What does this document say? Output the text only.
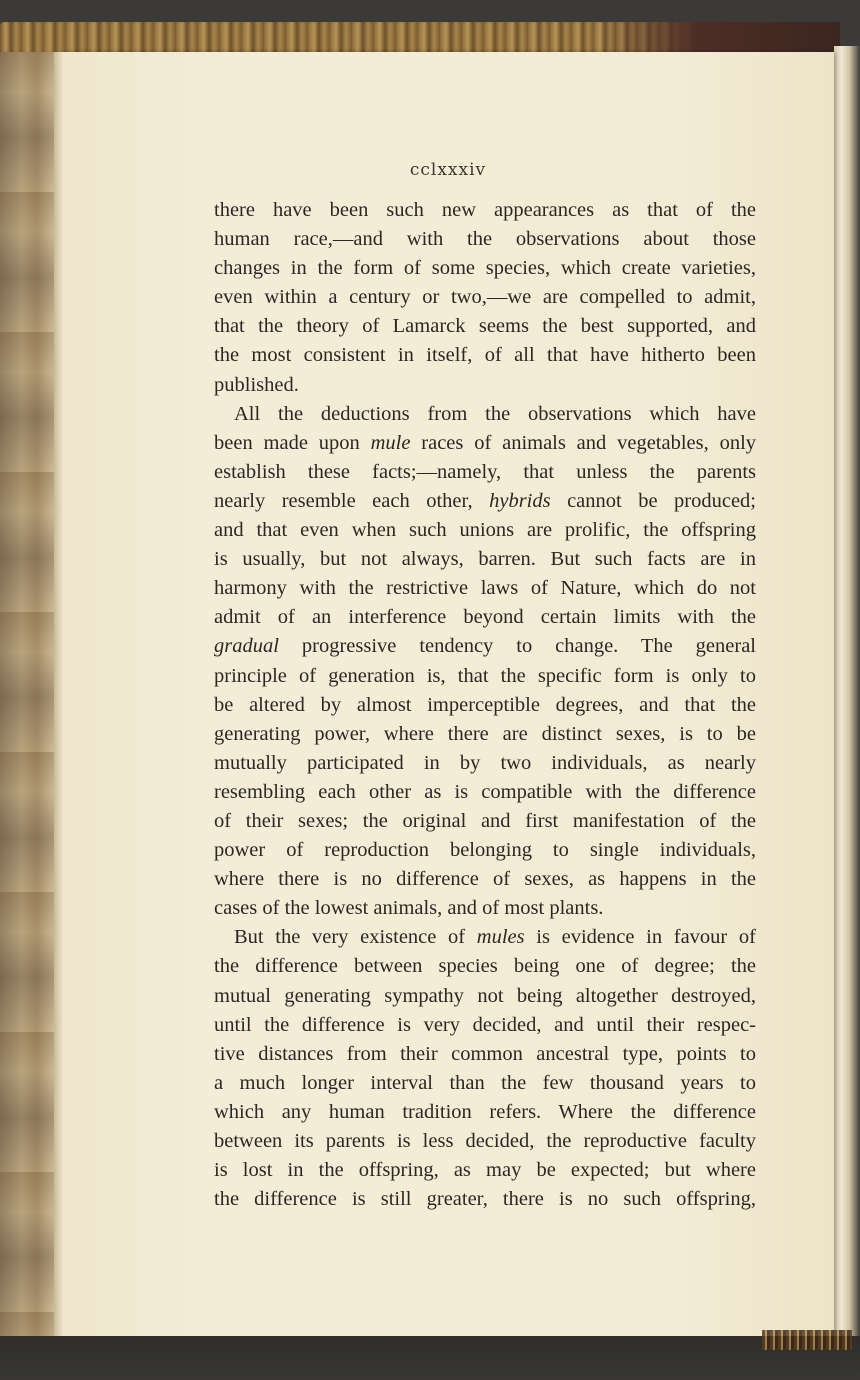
cclxxxiv
there have been such new appearances as that of the
human race,—and with the observations about those
changes in the form of some species, which create varieties,
even within a century or two,—we are compelled to admit,
that the theory of Lamarck seems the best supported, and
the most consistent in itself, of all that have hitherto been
published.
All the deductions from the observations which have
been made upon mule races of animals and vegetables, only
establish these facts;—namely, that unless the parents
nearly resemble each other, hybrids cannot be produced;
and that even when such unions are prolific, the offspring
is usually, but not always, barren. But such facts are in
harmony with the restrictive laws of Nature, which do not
admit of an interference beyond certain limits with the
gradual progressive tendency to change. The general
principle of generation is, that the specific form is only to
be altered by almost imperceptible degrees, and that the
generating power, where there are distinct sexes, is to be
mutually participated in by two individuals, as nearly
resembling each other as is compatible with the difference
of their sexes; the original and first manifestation of the
power of reproduction belonging to single individuals,
where there is no difference of sexes, as happens in the
cases of the lowest animals, and of most plants.
But the very existence of mules is evidence in favour of
the difference between species being one of degree; the
mutual generating sympathy not being altogether destroyed,
until the difference is very decided, and until their respec-
tive distances from their common ancestral type, points to
a much longer interval than the few thousand years to
which any human tradition refers. Where the difference
between its parents is less decided, the reproductive faculty
is lost in the offspring, as may be expected; but where
the difference is still greater, there is no such offspring,
